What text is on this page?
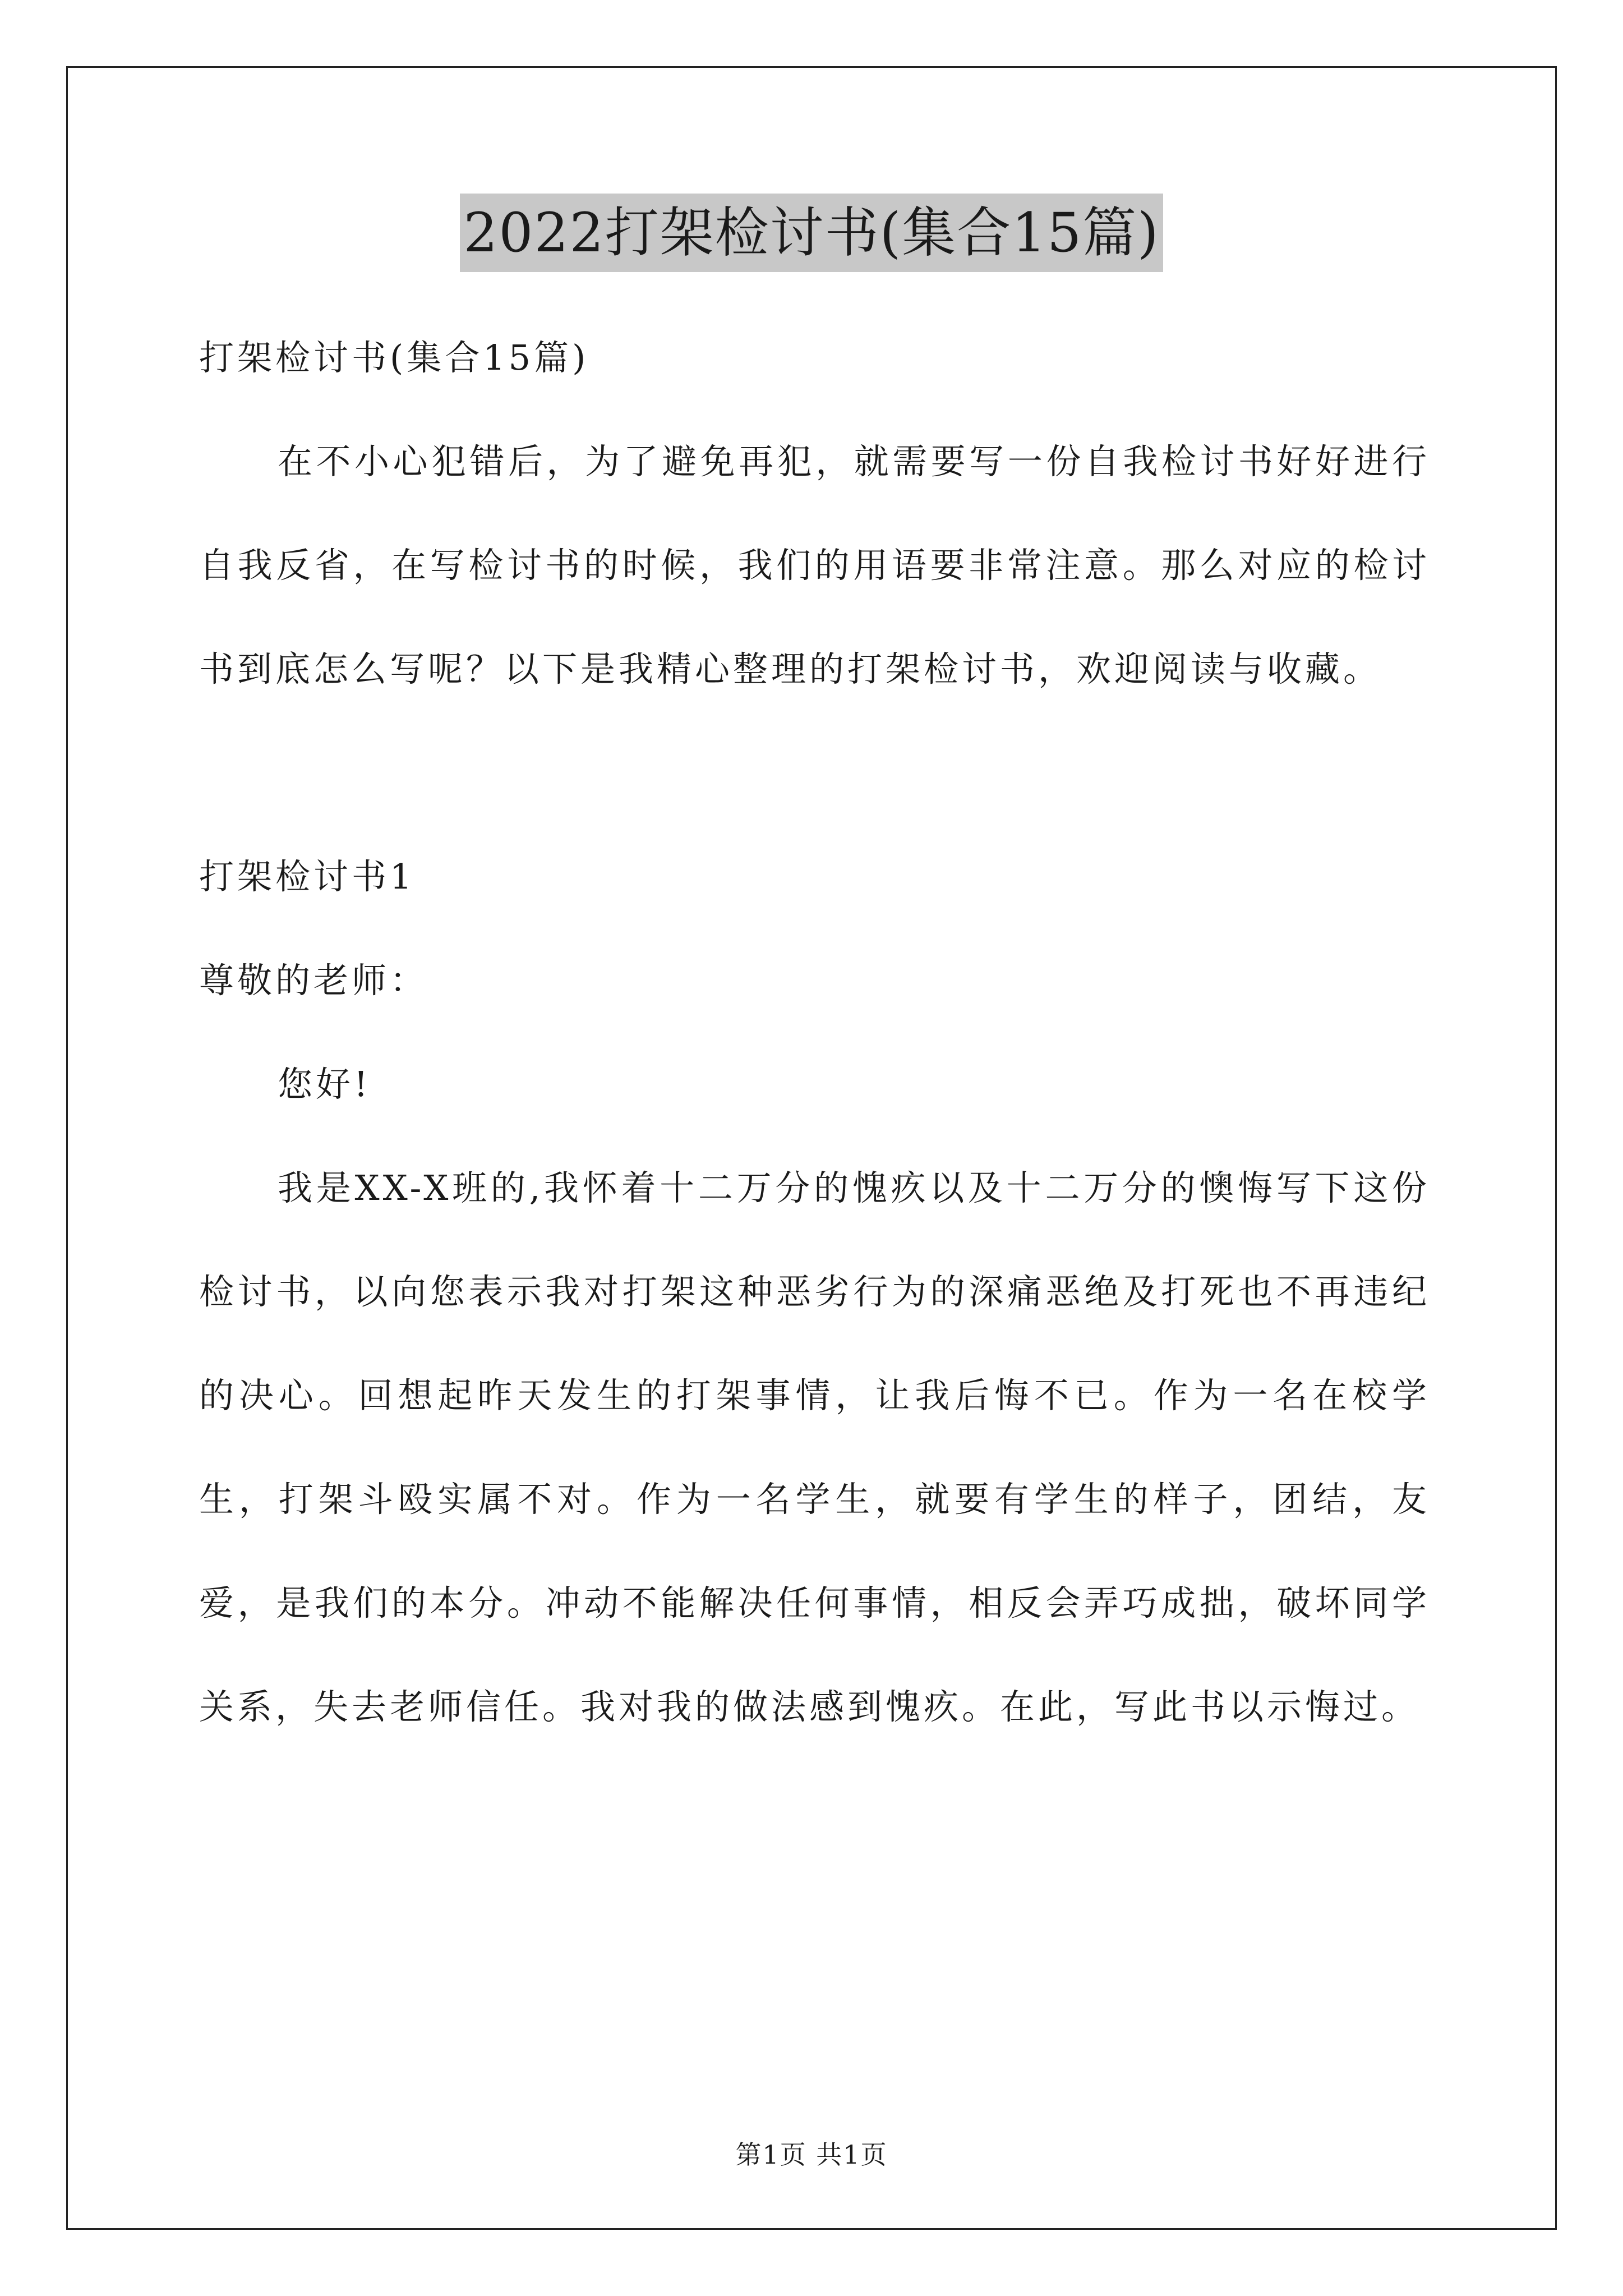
2022打架检讨书(集合15篇)

打架检讨书(集合15篇)

在不小心犯错后，为了避免再犯，就需要写一份自我检讨书好好进行自我反省，在写检讨书的时候，我们的用语要非常注意。那么对应的检讨书到底怎么写呢？以下是我精心整理的打架检讨书，欢迎阅读与收藏。

打架检讨书1

尊敬的老师：

您好!

我是XX-X班的,我怀着十二万分的愧疚以及十二万分的懊悔写下这份检讨书，以向您表示我对打架这种恶劣行为的深痛恶绝及打死也不再违纪的决心。回想起昨天发生的打架事情，让我后悔不已。作为一名在校学生，打架斗殴实属不对。作为一名学生，就要有学生的样子，团结，友爱，是我们的本分。冲动不能解决任何事情，相反会弄巧成拙，破坏同学关系，失去老师信任。我对我的做法感到愧疚。在此，写此书以示悔过。

第1页 共1页
